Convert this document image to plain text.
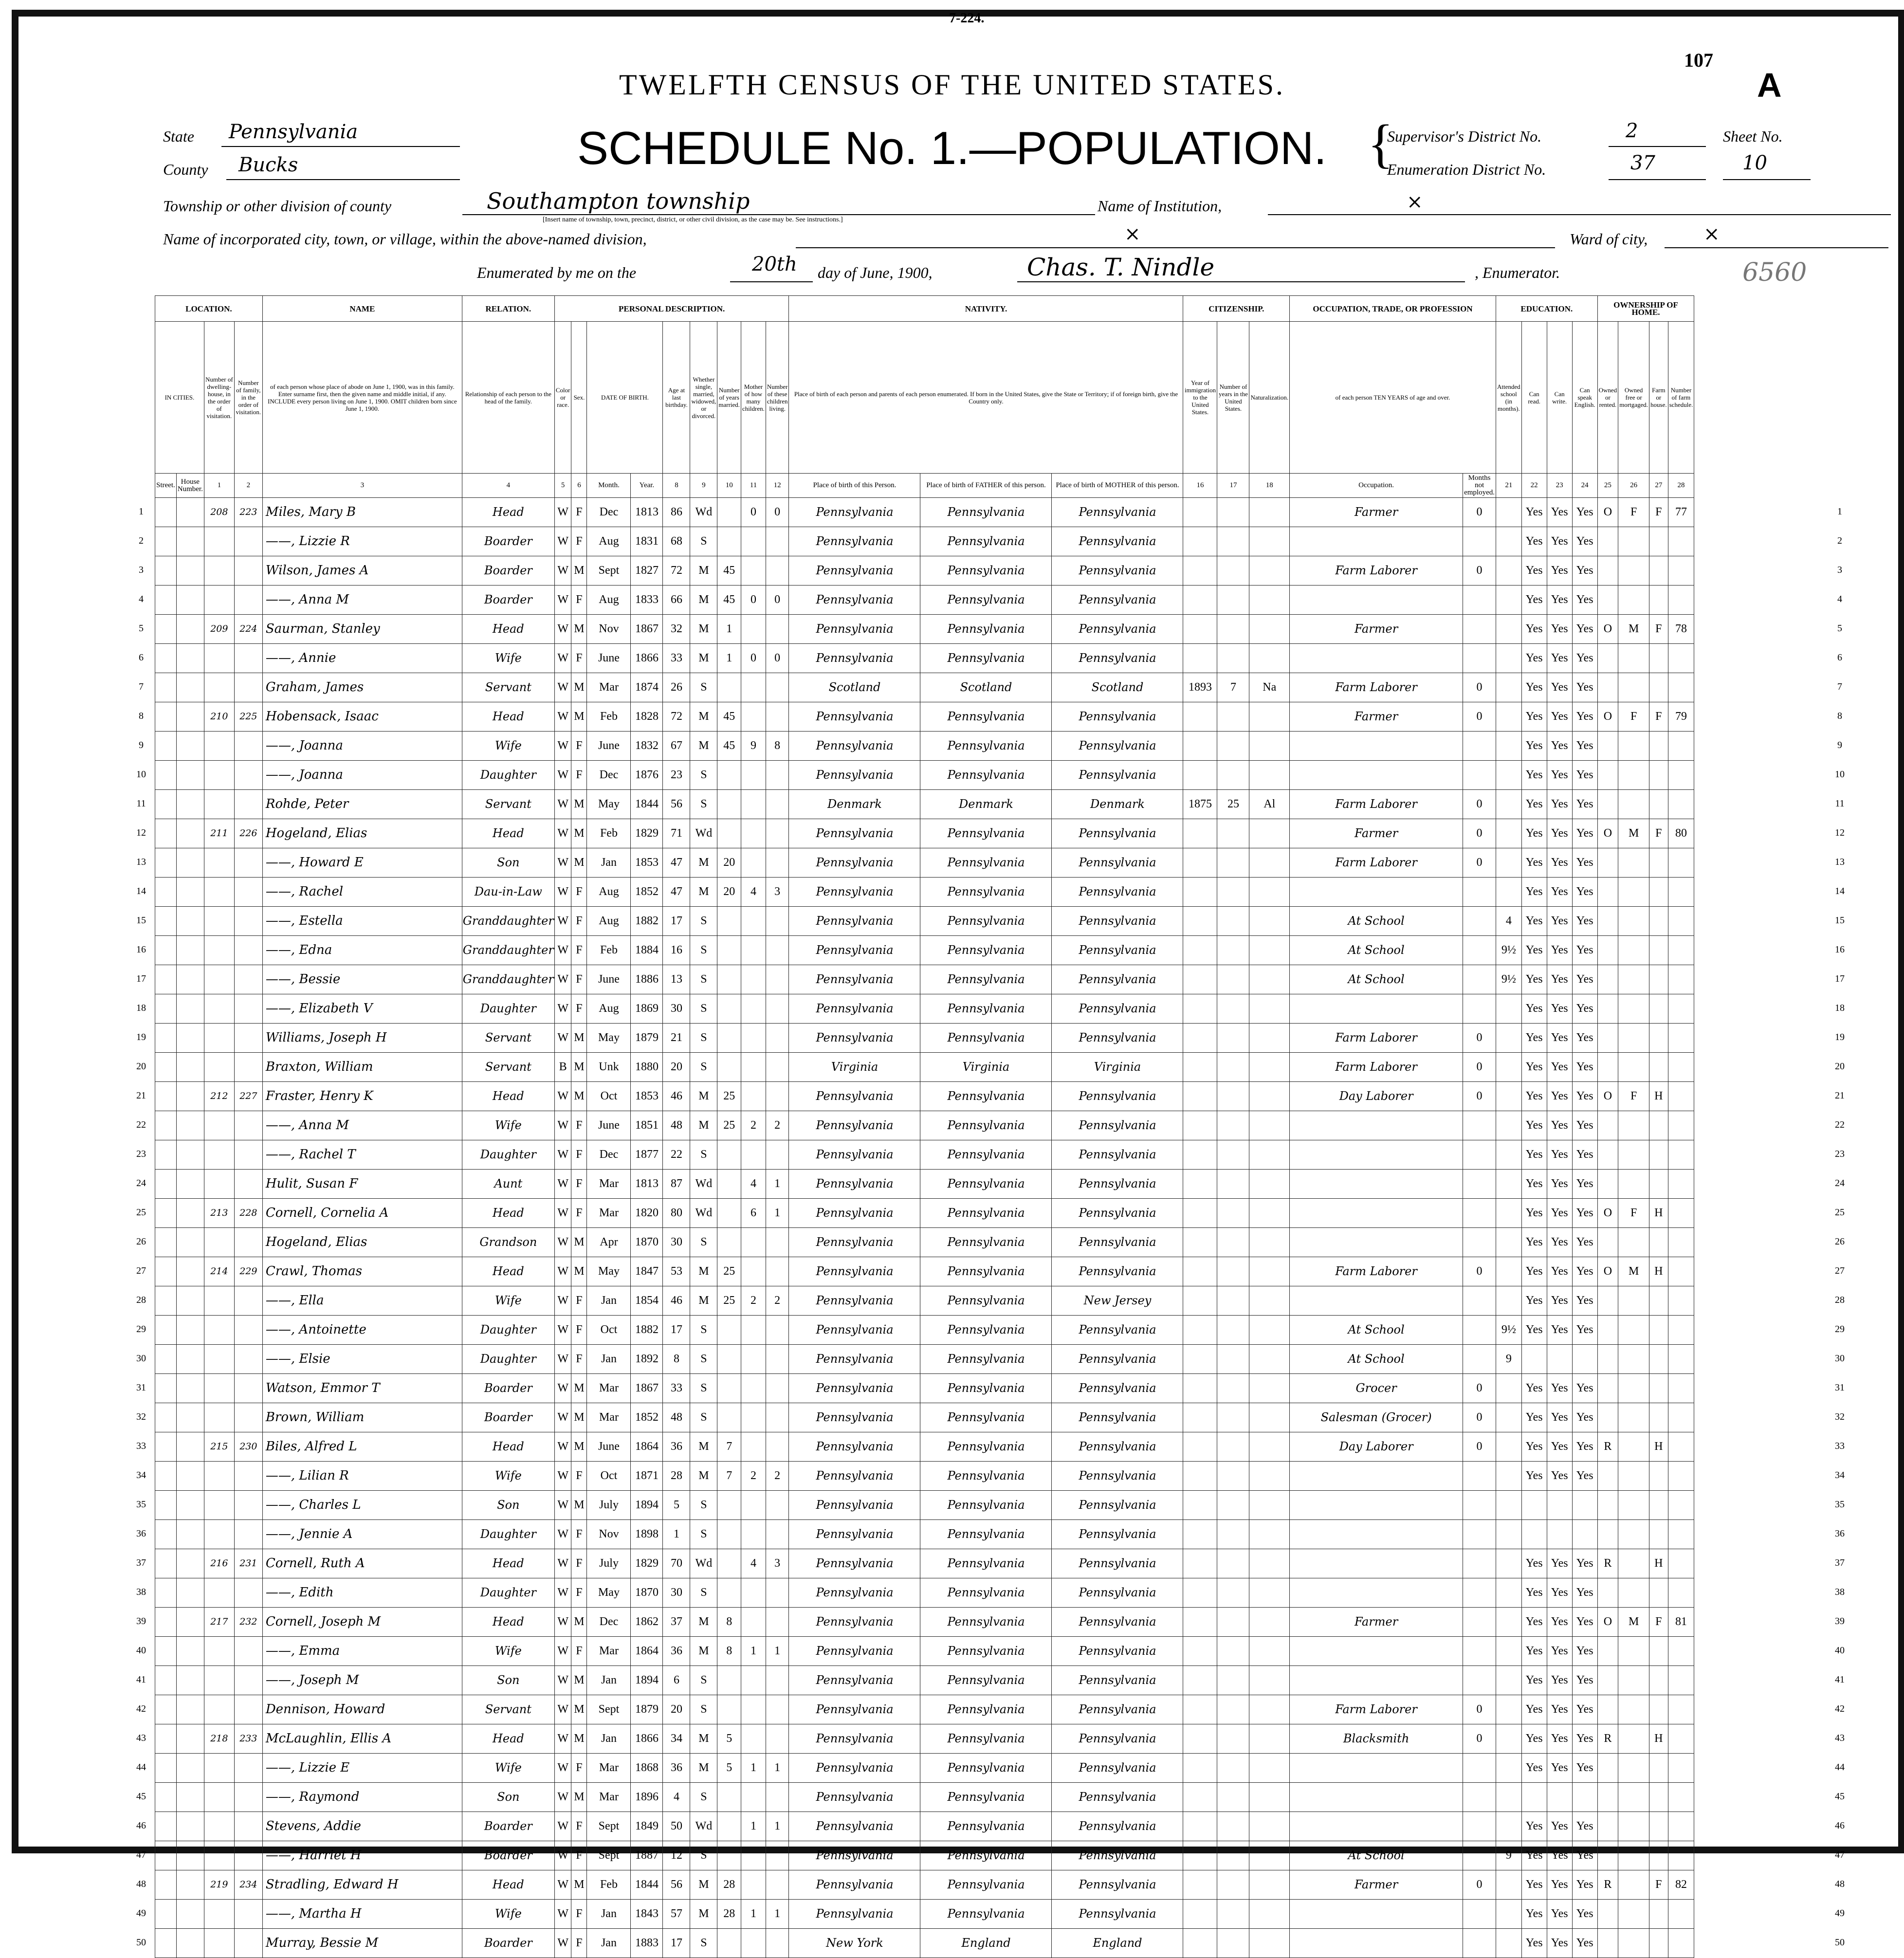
7-224.
107
A
TWELFTH CENSUS OF THE UNITED STATES.
SCHEDULE No. 1.—POPULATION.
State Pennsylvania
County Bucks
Township or other division of county	Southampton township
[Insert name of township, town, precinct, district, or other civil division, as the case may be. See instructions.]
Name of Institution,	×
Name of incorporated city, town, or village, within the above-named division,	×	Ward of city,	×
Enumerated by me on the	20th day of June, 1900,	Chas. T. Nindle	, Enumerator.	6560
{
Supervisor's District No.	2	Sheet No.
Enumeration District No.	37	10
LOCATION.				NAME	RELATION.	PERSONAL DESCRIPTION.									NATIVITY.			CITIZENSHIP.			OCCUPATION, TRADE, OR PROFESSION		EDUCATION.				OWNERSHIP OF HOME.			
IN CITIES.		Number of dwelling-house, in the order of visitation.	Number of family, in the order of visitation.	of each person whose place of abode on June 1, 1900, was in this family. Enter surname first, then the given name and middle initial, if any. INCLUDE every person living on June 1, 1900. OMIT children born since June 1, 1900.	Relationship of each person to the head of the family.	Color or race.	Sex.	DATE OF BIRTH.		Age at last birthday.	Whether single, married, widowed, or divorced.	Number of years married.	Mother of how many children.	Number of these children living.	Place of birth of each person and parents of each person enumerated. If born in the United States, give the State or Territory; if of foreign birth, give the Country only.			Year of immigration to the United States.	Number of years in the United States.	Naturalization.	of each person TEN YEARS of age and over.		Attended school (in months).	Can read.	Can write.	Can speak English.	Owned or rented.	Owned free or mortgaged.	Farm or house.	Number of farm schedule.
Street.	House Number.	1	2	3	4	5	6	Month.	Year.	8	9	10	11	12	Place of birth of this Person.	Place of birth of FATHER of this person.	Place of birth of MOTHER of this person.	16	17	18	Occupation.	Months not employed.	21	22	23	24	25	26	27	28
		208	223	Miles, Mary B	Head	W	F	Dec	1813	86	Wd		0	0	Pennsylvania	Pennsylvania	Pennsylvania				Farmer	0		Yes	Yes	Yes	O	F	F	77
				——, Lizzie R	Boarder	W	F	Aug	1831	68	S				Pennsylvania	Pennsylvania	Pennsylvania							Yes	Yes	Yes				
				Wilson, James A	Boarder	W	M	Sept	1827	72	M	45			Pennsylvania	Pennsylvania	Pennsylvania				Farm Laborer	0		Yes	Yes	Yes				
				——, Anna M	Boarder	W	F	Aug	1833	66	M	45	0	0	Pennsylvania	Pennsylvania	Pennsylvania							Yes	Yes	Yes				
		209	224	Saurman, Stanley	Head	W	M	Nov	1867	32	M	1			Pennsylvania	Pennsylvania	Pennsylvania				Farmer			Yes	Yes	Yes	O	M	F	78
				——, Annie	Wife	W	F	June	1866	33	M	1	0	0	Pennsylvania	Pennsylvania	Pennsylvania							Yes	Yes	Yes				
				Graham, James	Servant	W	M	Mar	1874	26	S				Scotland	Scotland	Scotland	1893	7	Na	Farm Laborer	0		Yes	Yes	Yes				
		210	225	Hobensack, Isaac	Head	W	M	Feb	1828	72	M	45			Pennsylvania	Pennsylvania	Pennsylvania				Farmer	0		Yes	Yes	Yes	O	F	F	79
				——, Joanna	Wife	W	F	June	1832	67	M	45	9	8	Pennsylvania	Pennsylvania	Pennsylvania							Yes	Yes	Yes				
				——, Joanna	Daughter	W	F	Dec	1876	23	S				Pennsylvania	Pennsylvania	Pennsylvania							Yes	Yes	Yes				
				Rohde, Peter	Servant	W	M	May	1844	56	S				Denmark	Denmark	Denmark	1875	25	Al	Farm Laborer	0		Yes	Yes	Yes				
		211	226	Hogeland, Elias	Head	W	M	Feb	1829	71	Wd				Pennsylvania	Pennsylvania	Pennsylvania				Farmer	0		Yes	Yes	Yes	O	M	F	80
				——, Howard E	Son	W	M	Jan	1853	47	M	20			Pennsylvania	Pennsylvania	Pennsylvania				Farm Laborer	0		Yes	Yes	Yes				
				——, Rachel	Dau-in-Law	W	F	Aug	1852	47	M	20	4	3	Pennsylvania	Pennsylvania	Pennsylvania							Yes	Yes	Yes				
				——, Estella	Granddaughter	W	F	Aug	1882	17	S				Pennsylvania	Pennsylvania	Pennsylvania				At School		4	Yes	Yes	Yes				
				——, Edna	Granddaughter	W	F	Feb	1884	16	S				Pennsylvania	Pennsylvania	Pennsylvania				At School		9½	Yes	Yes	Yes				
				——, Bessie	Granddaughter	W	F	June	1886	13	S				Pennsylvania	Pennsylvania	Pennsylvania				At School		9½	Yes	Yes	Yes				
				——, Elizabeth V	Daughter	W	F	Aug	1869	30	S				Pennsylvania	Pennsylvania	Pennsylvania							Yes	Yes	Yes				
				Williams, Joseph H	Servant	W	M	May	1879	21	S				Pennsylvania	Pennsylvania	Pennsylvania				Farm Laborer	0		Yes	Yes	Yes				
				Braxton, William	Servant	B	M	Unk	1880	20	S				Virginia	Virginia	Virginia				Farm Laborer	0		Yes	Yes	Yes				
		212	227	Fraster, Henry K	Head	W	M	Oct	1853	46	M	25			Pennsylvania	Pennsylvania	Pennsylvania				Day Laborer	0		Yes	Yes	Yes	O	F	H	
				——, Anna M	Wife	W	F	June	1851	48	M	25	2	2	Pennsylvania	Pennsylvania	Pennsylvania							Yes	Yes	Yes				
				——, Rachel T	Daughter	W	F	Dec	1877	22	S				Pennsylvania	Pennsylvania	Pennsylvania							Yes	Yes	Yes				
				Hulit, Susan F	Aunt	W	F	Mar	1813	87	Wd		4	1	Pennsylvania	Pennsylvania	Pennsylvania							Yes	Yes	Yes				
		213	228	Cornell, Cornelia A	Head	W	F	Mar	1820	80	Wd		6	1	Pennsylvania	Pennsylvania	Pennsylvania							Yes	Yes	Yes	O	F	H	
				Hogeland, Elias	Grandson	W	M	Apr	1870	30	S				Pennsylvania	Pennsylvania	Pennsylvania							Yes	Yes	Yes				
		214	229	Crawl, Thomas	Head	W	M	May	1847	53	M	25			Pennsylvania	Pennsylvania	Pennsylvania				Farm Laborer	0		Yes	Yes	Yes	O	M	H	
				——, Ella	Wife	W	F	Jan	1854	46	M	25	2	2	Pennsylvania	Pennsylvania	New Jersey							Yes	Yes	Yes				
				——, Antoinette	Daughter	W	F	Oct	1882	17	S				Pennsylvania	Pennsylvania	Pennsylvania				At School		9½	Yes	Yes	Yes				
				——, Elsie	Daughter	W	F	Jan	1892	8	S				Pennsylvania	Pennsylvania	Pennsylvania				At School		9							
				Watson, Emmor T	Boarder	W	M	Mar	1867	33	S				Pennsylvania	Pennsylvania	Pennsylvania				Grocer	0		Yes	Yes	Yes				
				Brown, William	Boarder	W	M	Mar	1852	48	S				Pennsylvania	Pennsylvania	Pennsylvania				Salesman (Grocer)	0		Yes	Yes	Yes				
		215	230	Biles, Alfred L	Head	W	M	June	1864	36	M	7			Pennsylvania	Pennsylvania	Pennsylvania				Day Laborer	0		Yes	Yes	Yes	R		H	
				——, Lilian R	Wife	W	F	Oct	1871	28	M	7	2	2	Pennsylvania	Pennsylvania	Pennsylvania							Yes	Yes	Yes				
				——, Charles L	Son	W	M	July	1894	5	S				Pennsylvania	Pennsylvania	Pennsylvania													
				——, Jennie A	Daughter	W	F	Nov	1898	1	S				Pennsylvania	Pennsylvania	Pennsylvania													
		216	231	Cornell, Ruth A	Head	W	F	July	1829	70	Wd		4	3	Pennsylvania	Pennsylvania	Pennsylvania							Yes	Yes	Yes	R		H	
				——, Edith	Daughter	W	F	May	1870	30	S				Pennsylvania	Pennsylvania	Pennsylvania							Yes	Yes	Yes				
		217	232	Cornell, Joseph M	Head	W	M	Dec	1862	37	M	8			Pennsylvania	Pennsylvania	Pennsylvania				Farmer			Yes	Yes	Yes	O	M	F	81
				——, Emma	Wife	W	F	Mar	1864	36	M	8	1	1	Pennsylvania	Pennsylvania	Pennsylvania							Yes	Yes	Yes				
				——, Joseph M	Son	W	M	Jan	1894	6	S				Pennsylvania	Pennsylvania	Pennsylvania							Yes	Yes	Yes				
				Dennison, Howard	Servant	W	M	Sept	1879	20	S				Pennsylvania	Pennsylvania	Pennsylvania				Farm Laborer	0		Yes	Yes	Yes				
		218	233	McLaughlin, Ellis A	Head	W	M	Jan	1866	34	M	5			Pennsylvania	Pennsylvania	Pennsylvania				Blacksmith	0		Yes	Yes	Yes	R		H	
				——, Lizzie E	Wife	W	F	Mar	1868	36	M	5	1	1	Pennsylvania	Pennsylvania	Pennsylvania							Yes	Yes	Yes				
				——, Raymond	Son	W	M	Mar	1896	4	S				Pennsylvania	Pennsylvania	Pennsylvania													
				Stevens, Addie	Boarder	W	F	Sept	1849	50	Wd		1	1	Pennsylvania	Pennsylvania	Pennsylvania							Yes	Yes	Yes				
				——, Harriet H	Boarder	W	F	Sept	1887	12	S				Pennsylvania	Pennsylvania	Pennsylvania				At School		9	Yes	Yes	Yes				
		219	234	Stradling, Edward H	Head	W	M	Feb	1844	56	M	28			Pennsylvania	Pennsylvania	Pennsylvania				Farmer	0		Yes	Yes	Yes	R		F	82
				——, Martha H	Wife	W	F	Jan	1843	57	M	28	1	1	Pennsylvania	Pennsylvania	Pennsylvania							Yes	Yes	Yes				
				Murray, Bessie M	Boarder	W	F	Jan	1883	17	S				New York	England	England							Yes	Yes	Yes				
1	1
2	2
3	3
4	4
5	5
6	6
7	7
8	8
9	9
10	10
11	11
12	12
13	13
14	14
15	15
16	16
17	17
18	18
19	19
20	20
21	21
22	22
23	23
24	24
25	25
26	26
27	27
28	28
29	29
30	30
31	31
32	32
33	33
34	34
35	35
36	36
37	37
38	38
39	39
40	40
41	41
42	42
43	43
44	44
45	45
46	46
47	47
48	48
49	49
50	50
